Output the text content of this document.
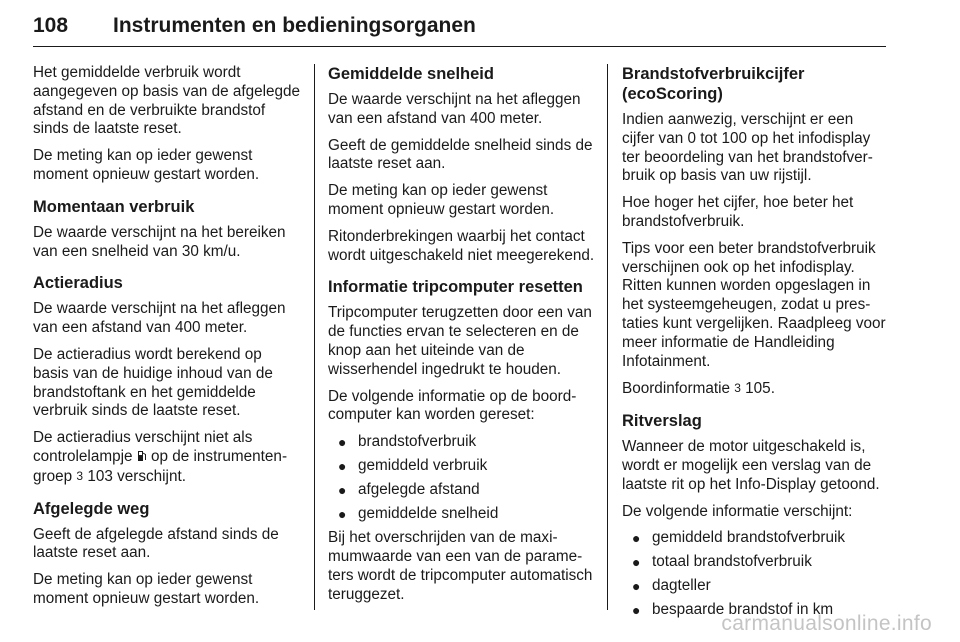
108 Instrumenten en bedieningsorganen

Het gemiddelde verbruik wordt aangegeven op basis van de afgelegde afstand en de verbruikte brandstof sinds de laatste reset.

De meting kan op ieder gewenst moment opnieuw gestart worden.

Momentaan verbruik

De waarde verschijnt na het bereiken van een snelheid van 30 km/u.

Actieradius

De waarde verschijnt na het afleggen van een afstand van 400 meter.

De actieradius wordt berekend op basis van de huidige inhoud van de brandstoftank en het gemiddelde verbruik sinds de laatste reset.

De actieradius verschijnt niet als controlelampje  op de instrumentengroep 3 103 verschijnt.

Afgelegde weg

Geeft de afgelegde afstand sinds de laatste reset aan.

De meting kan op ieder gewenst moment opnieuw gestart worden.

Gemiddelde snelheid

De waarde verschijnt na het afleggen van een afstand van 400 meter.

Geeft de gemiddelde snelheid sinds de laatste reset aan.

De meting kan op ieder gewenst moment opnieuw gestart worden.

Ritonderbrekingen waarbij het contact wordt uitgeschakeld niet meegerekend.

Informatie tripcomputer resetten

Tripcomputer terugzetten door een van de functies ervan te selecteren en de knop aan het uiteinde van de wisserhendel ingedrukt te houden.

De volgende informatie op de boordcomputer kan worden gereset:

● brandstofverbruik
● gemiddeld verbruik
● afgelegde afstand
● gemiddelde snelheid

Bij het overschrijden van de maximumwaarde van een van de parameters wordt de tripcomputer automatisch teruggezet.

Brandstofverbruikcijfer (ecoScoring)

Indien aanwezig, verschijnt er een cijfer van 0 tot 100 op het infodisplay ter beoordeling van het brandstofverbruik op basis van uw rijstijl.

Hoe hoger het cijfer, hoe beter het brandstofverbruik.

Tips voor een beter brandstofverbruik verschijnen ook op het infodisplay. Ritten kunnen worden opgeslagen in het systeemgeheugen, zodat u prestaties kunt vergelijken. Raadpleeg voor meer informatie de Handleiding Infotainment.

Boordinformatie 3 105.

Ritverslag

Wanneer de motor uitgeschakeld is, wordt er mogelijk een verslag van de laatste rit op het Info-Display getoond.

De volgende informatie verschijnt:

● gemiddeld brandstofverbruik
● totaal brandstofverbruik
● dagteller
● bespaarde brandstof in km
carmanualsonline.info
